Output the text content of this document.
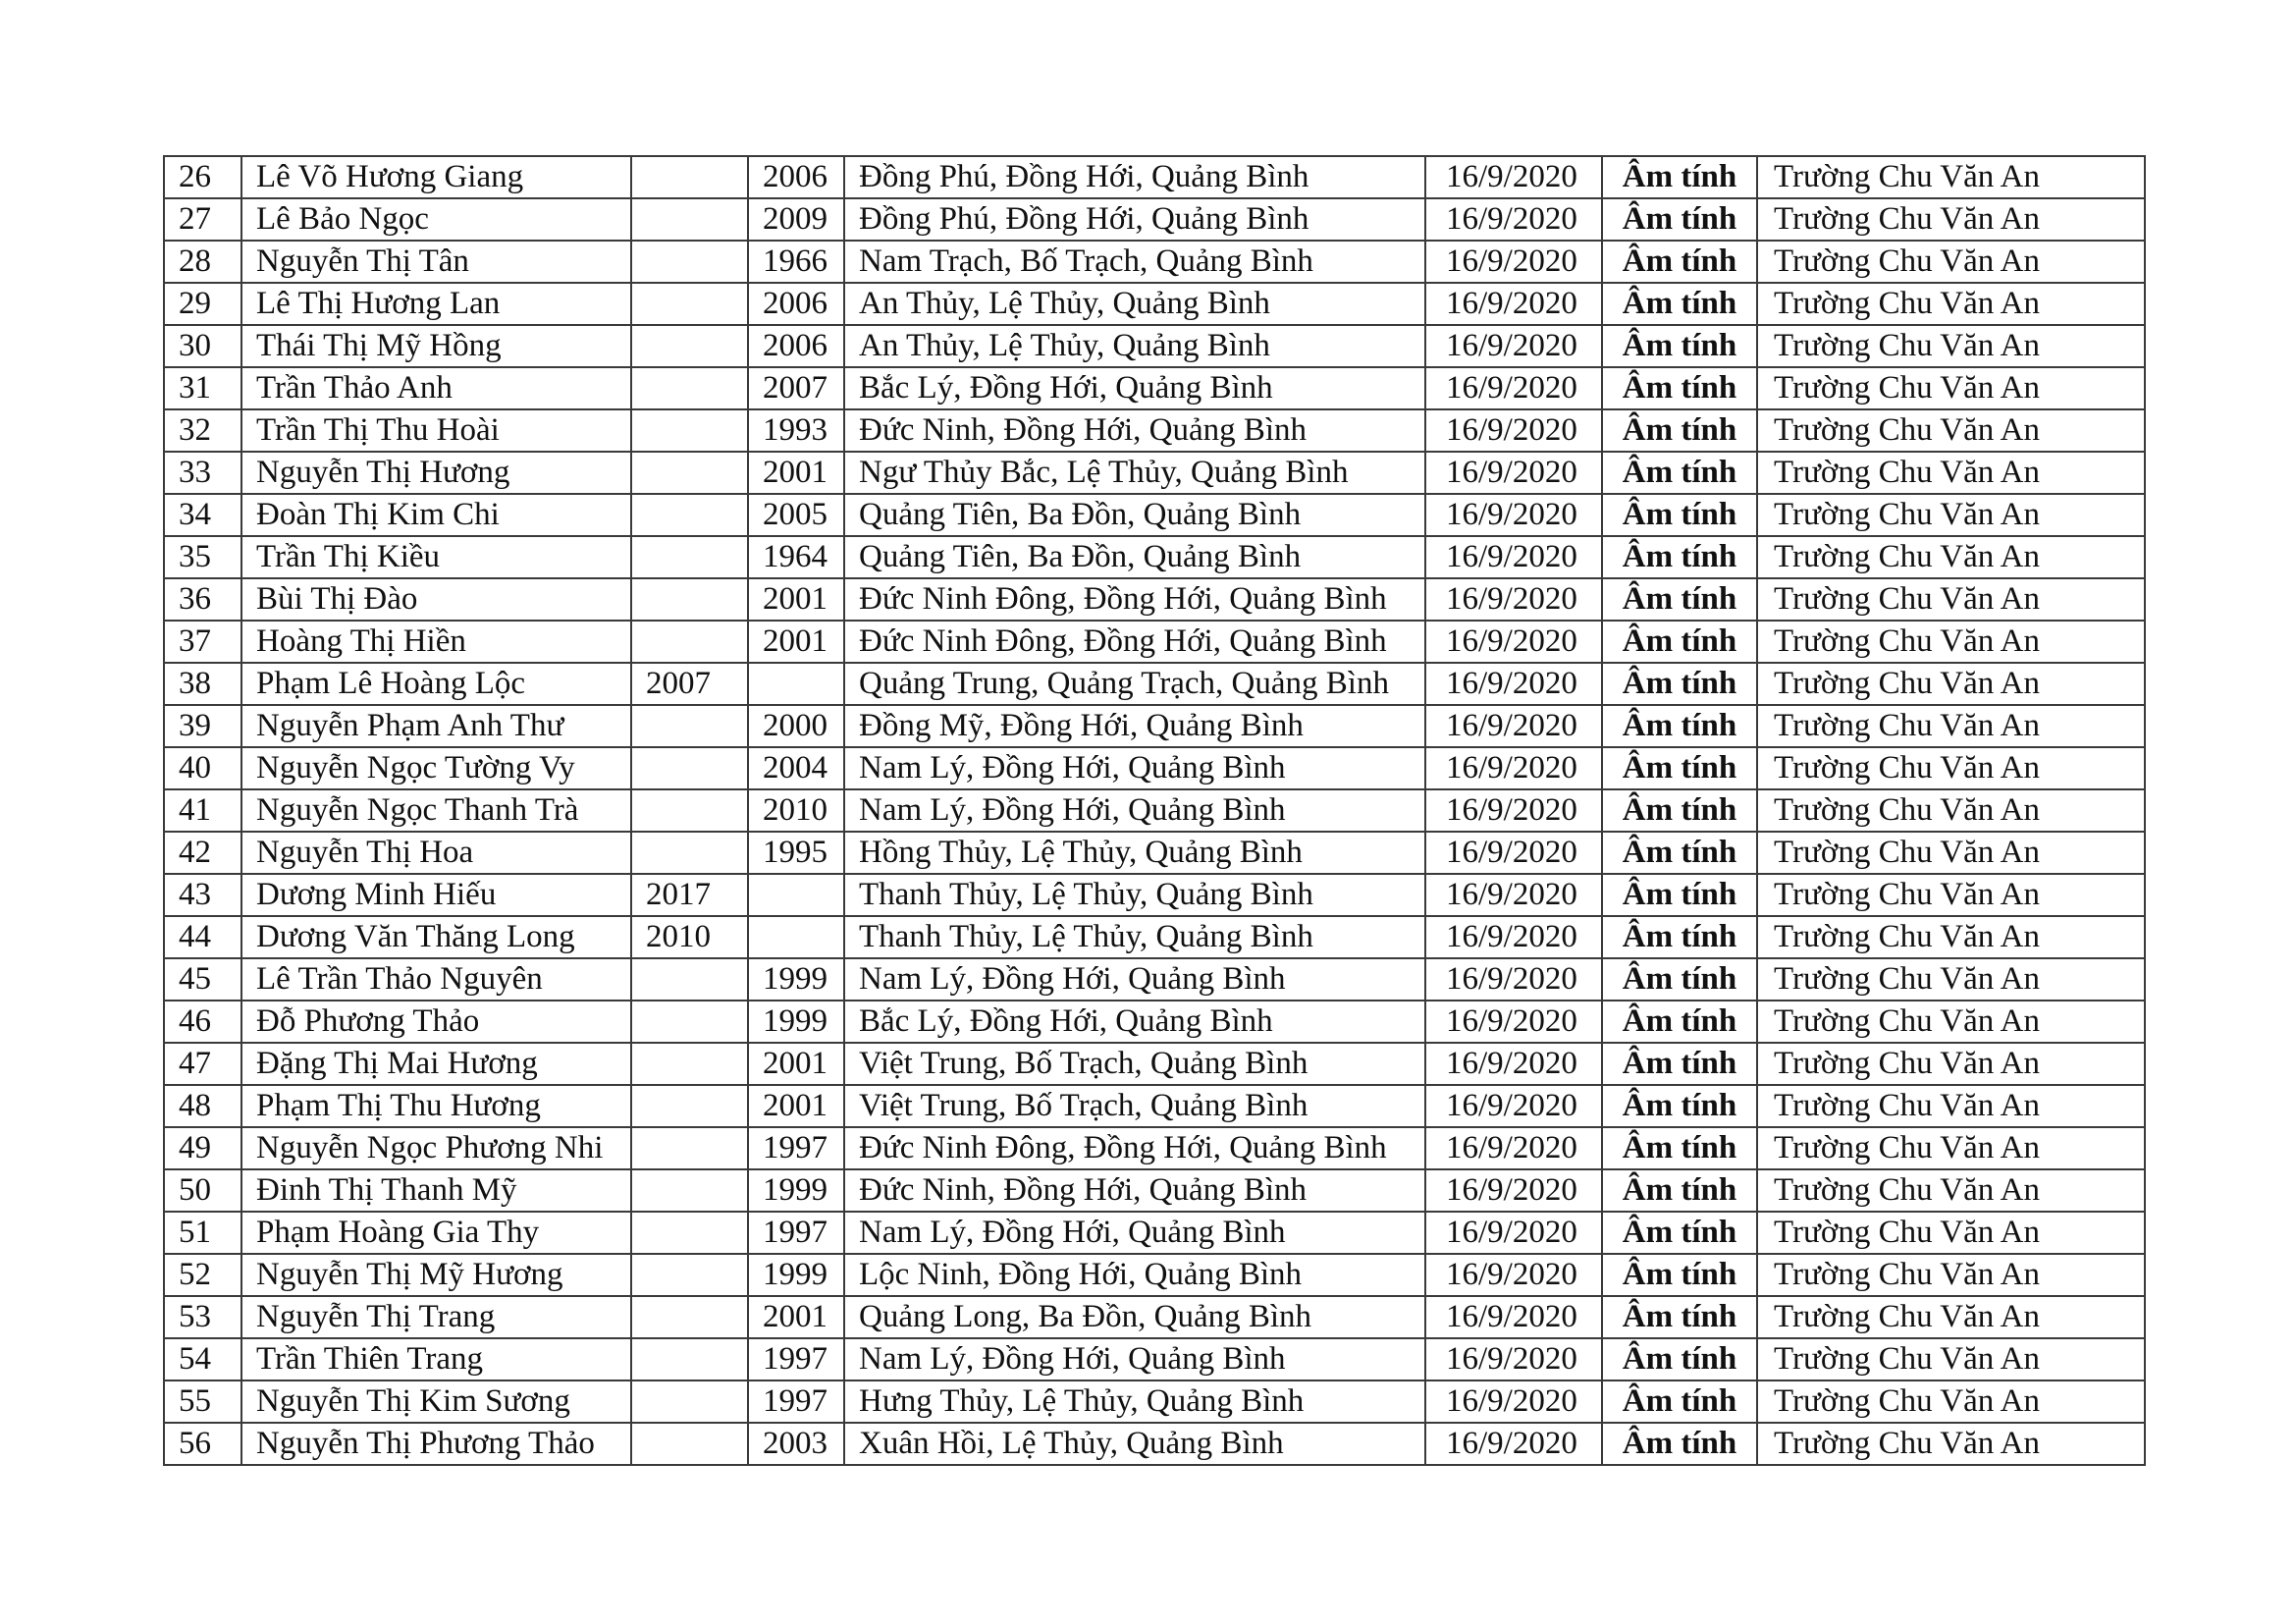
26	Lê Võ Hương Giang		2006	Đồng Phú, Đồng Hới, Quảng Bình	16/9/2020	Âm tính	Trường Chu Văn An
27	Lê Bảo Ngọc		2009	Đồng Phú, Đồng Hới, Quảng Bình	16/9/2020	Âm tính	Trường Chu Văn An
28	Nguyễn Thị Tân		1966	Nam Trạch, Bố Trạch, Quảng Bình	16/9/2020	Âm tính	Trường Chu Văn An
29	Lê Thị Hương Lan		2006	An Thủy, Lệ Thủy, Quảng Bình	16/9/2020	Âm tính	Trường Chu Văn An
30	Thái Thị Mỹ Hồng		2006	An Thủy, Lệ Thủy, Quảng Bình	16/9/2020	Âm tính	Trường Chu Văn An
31	Trần Thảo Anh		2007	Bắc Lý, Đồng Hới, Quảng Bình	16/9/2020	Âm tính	Trường Chu Văn An
32	Trần Thị Thu Hoài		1993	Đức Ninh, Đồng Hới, Quảng Bình	16/9/2020	Âm tính	Trường Chu Văn An
33	Nguyễn Thị Hương		2001	Ngư Thủy Bắc, Lệ Thủy, Quảng Bình	16/9/2020	Âm tính	Trường Chu Văn An
34	Đoàn Thị Kim Chi		2005	Quảng Tiên, Ba Đồn, Quảng Bình	16/9/2020	Âm tính	Trường Chu Văn An
35	Trần Thị Kiều		1964	Quảng Tiên, Ba Đồn, Quảng Bình	16/9/2020	Âm tính	Trường Chu Văn An
36	Bùi Thị Đào		2001	Đức Ninh Đông, Đồng Hới, Quảng Bình	16/9/2020	Âm tính	Trường Chu Văn An
37	Hoàng Thị Hiền		2001	Đức Ninh Đông, Đồng Hới, Quảng Bình	16/9/2020	Âm tính	Trường Chu Văn An
38	Phạm Lê Hoàng Lộc	2007		Quảng Trung, Quảng Trạch, Quảng Bình	16/9/2020	Âm tính	Trường Chu Văn An
39	Nguyễn Phạm Anh Thư		2000	Đồng Mỹ, Đồng Hới, Quảng Bình	16/9/2020	Âm tính	Trường Chu Văn An
40	Nguyễn Ngọc Tường Vy		2004	Nam Lý, Đồng Hới, Quảng Bình	16/9/2020	Âm tính	Trường Chu Văn An
41	Nguyễn Ngọc Thanh Trà		2010	Nam Lý, Đồng Hới, Quảng Bình	16/9/2020	Âm tính	Trường Chu Văn An
42	Nguyễn Thị Hoa		1995	Hồng Thủy, Lệ Thủy, Quảng Bình	16/9/2020	Âm tính	Trường Chu Văn An
43	Dương Minh Hiếu	2017		Thanh Thủy, Lệ Thủy, Quảng Bình	16/9/2020	Âm tính	Trường Chu Văn An
44	Dương Văn Thăng Long	2010		Thanh Thủy, Lệ Thủy, Quảng Bình	16/9/2020	Âm tính	Trường Chu Văn An
45	Lê Trần Thảo Nguyên		1999	Nam Lý, Đồng Hới, Quảng Bình	16/9/2020	Âm tính	Trường Chu Văn An
46	Đỗ Phương Thảo		1999	Bắc Lý, Đồng Hới, Quảng Bình	16/9/2020	Âm tính	Trường Chu Văn An
47	Đặng Thị Mai Hương		2001	Việt Trung, Bố Trạch, Quảng Bình	16/9/2020	Âm tính	Trường Chu Văn An
48	Phạm Thị Thu Hương		2001	Việt Trung, Bố Trạch, Quảng Bình	16/9/2020	Âm tính	Trường Chu Văn An
49	Nguyễn Ngọc Phương Nhi		1997	Đức Ninh Đông, Đồng Hới, Quảng Bình	16/9/2020	Âm tính	Trường Chu Văn An
50	Đinh Thị Thanh Mỹ		1999	Đức Ninh, Đồng Hới, Quảng Bình	16/9/2020	Âm tính	Trường Chu Văn An
51	Phạm Hoàng Gia Thy		1997	Nam Lý, Đồng Hới, Quảng Bình	16/9/2020	Âm tính	Trường Chu Văn An
52	Nguyễn Thị Mỹ Hương		1999	Lộc Ninh, Đồng Hới, Quảng Bình	16/9/2020	Âm tính	Trường Chu Văn An
53	Nguyễn Thị Trang		2001	Quảng Long, Ba Đồn, Quảng Bình	16/9/2020	Âm tính	Trường Chu Văn An
54	Trần Thiên Trang		1997	Nam Lý, Đồng Hới, Quảng Bình	16/9/2020	Âm tính	Trường Chu Văn An
55	Nguyễn Thị Kim Sương		1997	Hưng Thủy, Lệ Thủy, Quảng Bình	16/9/2020	Âm tính	Trường Chu Văn An
56	Nguyễn Thị Phương Thảo		2003	Xuân Hồi, Lệ Thủy, Quảng Bình	16/9/2020	Âm tính	Trường Chu Văn An
